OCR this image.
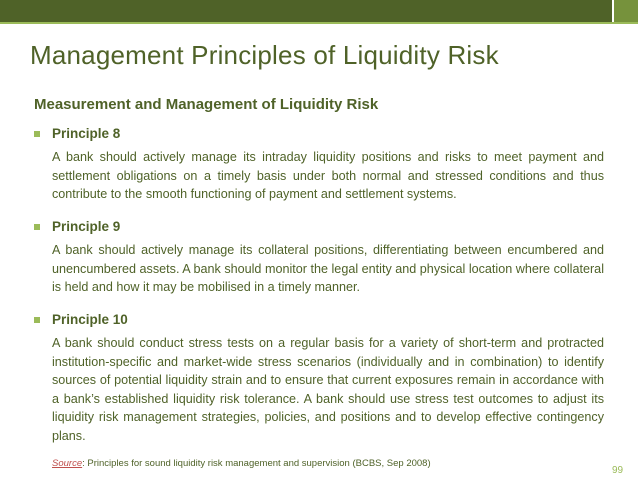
Management Principles of Liquidity Risk
Measurement and Management of Liquidity Risk
Principle 8

A bank should actively manage its intraday liquidity positions and risks to meet payment and settlement obligations on a timely basis under both normal and stressed conditions and thus contribute to the smooth functioning of payment and settlement systems.

Principle 9

A bank should actively manage its collateral positions, differentiating between encumbered and unencumbered assets. A bank should monitor the legal entity and physical location where collateral is held and how it may be mobilised in a timely manner.

Principle 10

A bank should conduct stress tests on a regular basis for a variety of short-term and protracted institution-specific and market-wide stress scenarios (individually and in combination) to identify sources of potential liquidity strain and to ensure that current exposures remain in accordance with a bank’s established liquidity risk tolerance. A bank should use stress test outcomes to adjust its liquidity risk management strategies, policies, and positions and to develop effective contingency plans.

Source: Principles for sound liquidity risk management and supervision (BCBS, Sep 2008)
99
